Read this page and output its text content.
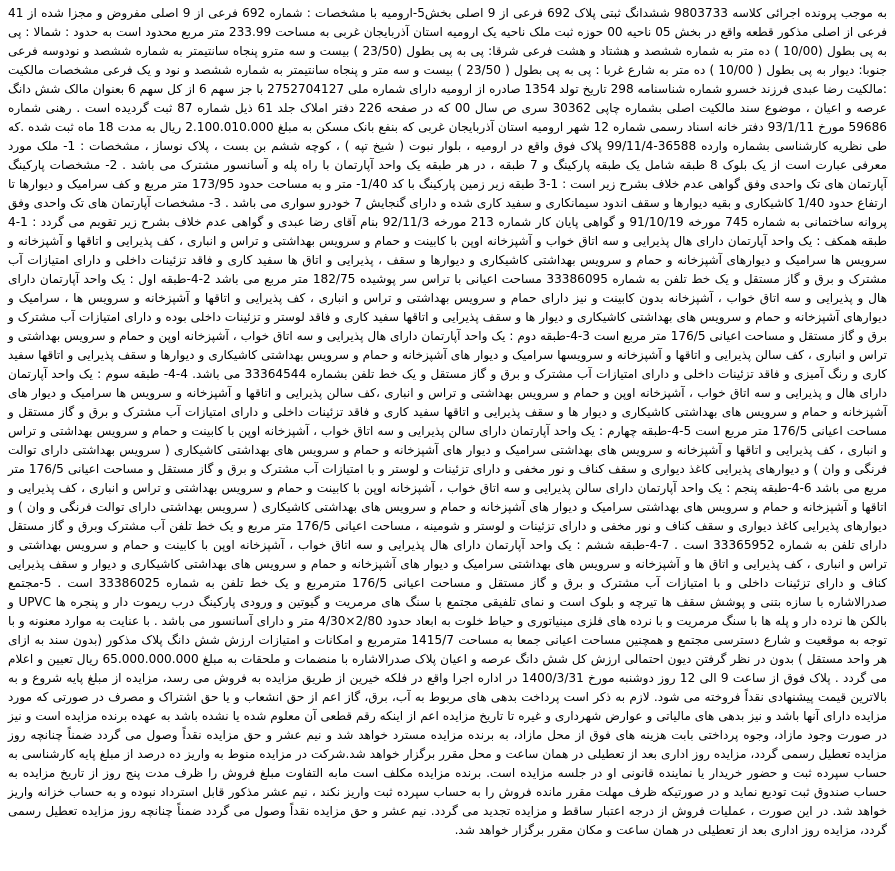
به موجب پرونده اجرائی کلاسه 9803733 ششدانگ ثبتی پلاک 692 فرعی از 9 اصلی بخش5-ارومیه با مشخصات : شماره 692 فرعی از 9 اصلی مفروض و مجزا شده از 41 فرعی از اصلی مذکور قطعه واقع در بخش 05 ناحیه 00 حوزه ثبت ملک ناحیه یک ارومیه استان آذربایجان غربی به مساحت 233.99 متر مربع محدود است به حدود : شمالا : پی به پی بطول (10/00 ) ده متر به شماره ششصد و هشتاد و هشت فرعی شرقا: پی به پی بطول (23/50 ) بیست و سه مترو پنجاه سانتیمتر به شماره ششصد و نودوسه فرعی جنوبا: دیوار به پی بطول ( 10/00 ) ده متر به شارع غربا : پی به پی بطول ( 23/50 ) بیست و سه متر و پنجاه سانتیمتر به شماره ششصد و نود و یک فرعی مشخصات مالکیت :مالکیت رضا عبدی فرزند خسرو شماره شناسنامه 298 تاریخ تولد 1354 صادره از ارومیه دارای شماره ملی 2752704127 با جز سهم 6 از کل سهم 6 بعنوان مالک شش دانگ عرصه و اعیان ، موضوع سند مالکیت اصلی بشماره چاپی 30362 سری ص سال 00 که در صفحه 226 دفتر املاک جلد 61 ذیل شماره 87 ثبت گردیده است . رهنی شماره 59686 مورخ 93/1/11 دفتر خانه اسناد رسمی شماره 12 شهر ارومیه استان آذربایجان غربی که بنفع بانک مسکن به مبلغ 2.100.010.000 ریال به مدت 18 ماه ثبت شده .که طی نظریه کارشناسی بشماره وارده 36588-99/11/4 پلاک فوق واقع در ارومیه ، بلوار نبوت ( شیخ تپه ) ، کوچه ششم بن بست ، پلاک نوساز ، مشخصات : 1- ملک مورد معرفی عبارت است از یک بلوک 8 طبقه شامل یک طبقه پارکینگ و 7 طبقه ، در هر طبقه یک واحد آپارتمان با راه پله و آسانسور مشترک می باشد . 2- مشخصات پارکینگ آپارتمان های تک واحدی وفق گواهی عدم خلاف بشرح زیر است : 1-3 طبقه زیر زمین پارکینگ با کد 1/40- متر و به مساحت حدود 173/95 متر مربع و کف سرامیک و دیوارها تا ارتفاع حدود 1/40 کاشیکاری و بقیه دیوارها و سقف اندود سیمانکاری و سفید کاری شده و دارای گنجایش 7 خودرو سواری می باشد . 3- مشخصات آپارتمان های تک واحدی وفق پروانه ساختمانی به شماره 745 مورخه 91/10/19 و گواهی پایان کار شماره 213 مورخه 92/11/3 بنام آقای رضا عبدی و گواهی عدم خلاف بشرح زیر تقویم می گردد : 1-4 طبقه همکف : یک واحد آپارتمان دارای هال پذیرایی و سه اتاق خواب و آشپزخانه اوپن با کابینت و حمام و سرویس بهداشتی و تراس و انباری ، کف پذیرایی و اتاقها و آشپزخانه و سرویس ها سرامیک و دیوارهای آشپزخانه و حمام و سرویس بهداشتی کاشیکاری و دیوارها و سقف ، پذیرایی و اتاق ها سفید کاری و فاقد تزئینات داخلی و دارای امتیازات آب مشترک و برق و گاز مستقل و یک خط تلفن به شماره 33386095 مساحت اعیانی با تراس سر پوشیده 182/75 متر مربع می باشد 2-4-طبقه اول : یک واحد آپارتمان دارای هال و پذیرایی و سه اتاق خواب ، آشپزخانه بدون کابینت و نیز دارای حمام و سرویس بهداشتی و تراس و انباری ، کف پذیرایی و اتاقها و آشپزخانه و سرویس ها ، سرامیک و دیوارهای آشپزخانه و حمام و سرویس های بهداشتی کاشیکاری و دیوار ها و سقف پذیرایی و اتاقها سفید کاری و فاقد لوستر و تزئینات داخلی بوده و دارای امتیازات آب مشترک و برق و گاز مستقل و مساحت اعیانی 176/5 متر مربع است 3-4-طبقه دوم : یک واحد آپارتمان دارای هال پذیرایی و سه اتاق خواب ، آشپزخانه اوپن و حمام و سرویس بهداشتی و تراس و انباری ، کف سالن پذیرایی و اتاقها و آشپزخانه و سرویسها سرامیک و دیوار های آشپزخانه و حمام و سرویس بهداشتی کاشیکاری و دیوارها و سقف پذیرایی و اتاقها سفید کاری و رنگ آمیزی و فاقد تزئینات داخلی و دارای امتیازات آب مشترک و برق و گاز مستقل و یک خط تلفن بشماره 33364544 می باشد. 4-4- طبقه سوم : یک واحد آپارتمان دارای هال و پذیرایی و سه اتاق خواب ، آشپزخانه اوپن و حمام و سرویس بهداشتی و تراس و انباری ،کف سالن پذیرایی و اتاقها و آشپزخانه و سرویس ها سرامیک و دیوار های آشپزخانه و حمام و سرویس های بهداشتی کاشیکاری و دیوار ها و سقف پذیرایی و اتاقها سفید کاری و فاقد تزئینات داخلی و دارای امتیازات آب مشترک و برق و گاز مستقل و مساحت اعیانی 176/5 متر مربع است 5-4-طبقه چهارم : یک واحد آپارتمان دارای سالن پذیرایی و سه اتاق خواب ، آشپزخانه اوپن با کابینت و حمام و سرویس بهداشتی و تراس و انباری ، کف پذیرایی و اتاقها و آشپزخانه و سرویس های بهداشتی سرامیک و دیوار های آشپزخانه و حمام و سرویس های بهداشتی کاشیکاری ( سرویس بهداشتی دارای توالت فرنگی و وان ) و دیوارهای پذیرایی کاغذ دیواری و سقف کناف و نور مخفی و دارای تزئینات و لوستر و با امتیازات آب مشترک و برق و گاز مستقل و مساحت اعیانی 176/5 متر مربع می باشد 6-4-طبقه پنجم : یک واحد آپارتمان دارای سالن پذیرایی و سه اتاق خواب ، آشپزخانه اوپن با کابینت و حمام و سرویس بهداشتی و تراس و انباری ، کف پذیرایی و اتاقها و آشپزخانه و حمام و سرویس های بهداشتی سرامیک و دیوار های آشپزخانه و حمام و سرویس های بهداشتی کاشیکاری ( سرویس بهداشتی دارای توالت فرنگی و وان ) و دیوارهای پذیرایی کاغذ دیواری و سقف کناف و نور مخفی و دارای تزئینات و لوستر و شومینه ، مساحت اعیانی 176/5 متر مربع و یک خط تلفن آب مشترک وبرق و گاز مستقل دارای تلفن به شماره 33365952 است . 7-4-طبقه ششم : یک واحد آپارتمان دارای هال پذیرایی و سه اتاق خواب ، آشپزخانه اوپن با کابینت و حمام و سرویس بهداشتی و تراس و انباری ، کف پذیرایی و اتاق ها و آشپزخانه و سرویس های بهداشتی سرامیک و دیوار های آشپزخانه و حمام و سرویس های بهداشتی کاشیکاری و دیوار و سقف پذیرایی کناف و دارای تزئینات داخلی و با امتیازات آب مشترک و برق و گاز مستقل و مساحت اعیانی 176/5 مترمربع و یک خط تلفن به شماره 33386025 است . 5-مجتمع صدرالاشاره با سازه بتنی و پوشش سقف ها تیرچه و بلوک است و نمای تلفیقی مجتمع با سنگ های مرمریت و گیوتین و ورودی پارکینگ درب ریموت دار و پنجره ها UPVC و بالکن ها نرده دار و پله ها با سنگ مرمریت و با نرده های فلزی مینیاتوری و حیاط خلوت به ابعاد حدود 2/80×4/30 متر و دارای آسانسور می باشد . با عنایت به موارد معنونه و با توجه به موقعیت و شارع دسترسی مجتمع و همچنین مساحت اعیانی جمعا به مساحت 1415/7 مترمربع و امکانات و امتیازات ارزش شش دانگ پلاک مذکور (بدون سند به ازای هر واحد مستقل ) بدون در نظر گرفتن دیون احتمالی ارزش کل شش دانگ عرصه و اعیان پلاک صدرالاشاره با منضمات و ملحقات به مبلغ 65.000.000.000 ریال تعیین و اعلام می گردد . پلاک فوق از ساعت 9 الی 12 روز دوشنبه مورخ 1400/3/31 در اداره اجرا واقع در فلکه خیرین از طریق مزایده به فروش می رسد، مزایده از مبلغ پایه شروع و به بالاترین قیمت پیشنهادی نقداً فروخته می شود. لازم به ذکر است پرداخت بدهی های مربوط به آب، برق، گاز اعم از حق انشعاب و یا حق اشتراک و مصرف در صورتی که مورد مزایده دارای آنها باشد و نیز بدهی های مالیاتی و عوارض شهرداری و غیره تا تاریخ مزایده اعم از اینکه رقم قطعی آن معلوم شده یا نشده باشد به عهده برنده مزایده است و نیز در صورت وجود مازاد، وجوه پرداختی بابت هزینه های فوق از محل مازاد، به برنده مزایده مسترد خواهد شد و نیم عشر و حق مزایده نقداً وصول می گردد ضمناً چنانچه روز مزایده تعطیل رسمی گردد، مزایده روز اداری بعد از تعطیلی در همان ساعت و محل مقرر برگزار خواهد شد.شرکت در مزایده منوط به واریز ده درصد از مبلغ پایه کارشناسی به حساب سپرده ثبت و حضور خریدار یا نماینده قانونی او در جلسه مزایده است. برنده مزایده مکلف است مابه التفاوت مبلغ فروش را ظرف مدت پنج روز از تاریخ مزایده به حساب صندوق ثبت تودیع نماید و در صورتیکه ظرف مهلت مقرر مانده فروش را به حساب سپرده ثبت واریز نکند ، نیم عشر مذکور قابل استرداد نبوده و به حساب خزانه واریز خواهد شد. در این صورت ، عملیات فروش از درجه اعتبار ساقط و مزایده تجدید می گردد. نیم عشر و حق مزایده نقداً وصول می گردد ضمناً چنانچه روز مزایده تعطیل رسمی گردد، مزایده روز اداری بعد از تعطیلی در همان ساعت و مکان مقرر برگزار خواهد شد.
